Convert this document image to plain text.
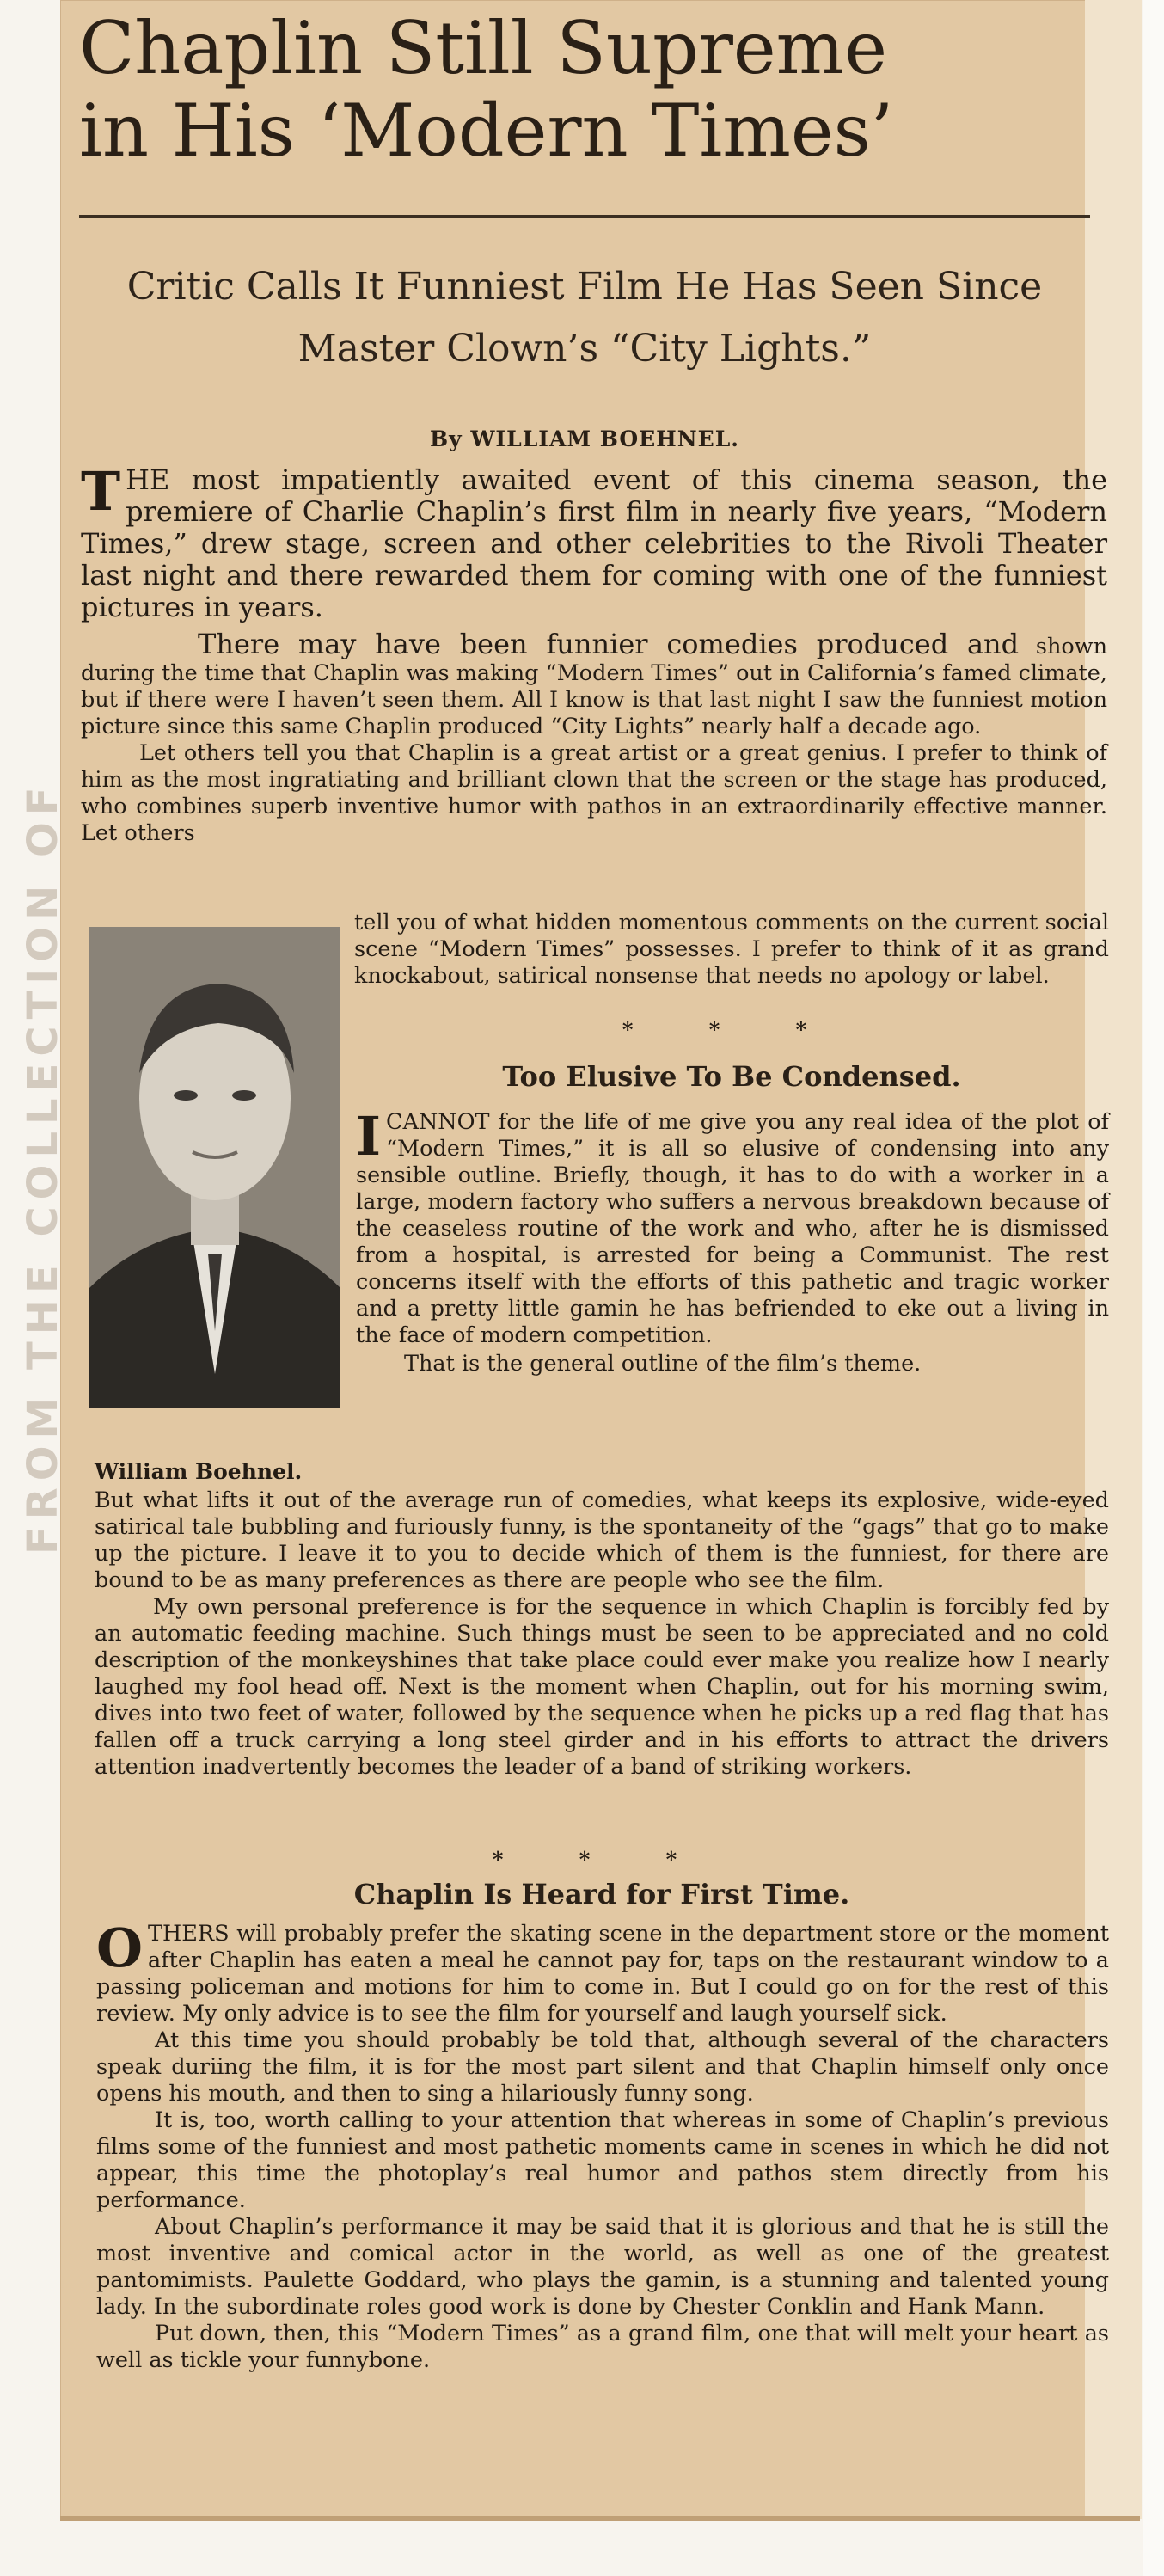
FROM THE COLLECTION OF
Chaplin Still Supreme
in His ‘Modern Times’
Critic Calls It Funniest Film He Has Seen Since
Master Clown’s “City Lights.”
By WILLIAM BOEHNEL.

THE most impatiently awaited event of this cinema season, the premiere of Charlie Chaplin’s first film in nearly five years, “Modern Times,” drew stage, screen and other celebrities to the Rivoli Theater last night and there rewarded them for coming with one of the funniest pictures in years.

There may have been funnier comedies produced and shown during the time that Chaplin was making “Modern Times” out in California’s famed climate, but if there were I haven’t seen them. All I know is that last night I saw the funniest motion picture since this same Chaplin produced “City Lights” nearly half a decade ago.

Let others tell you that Chaplin is a great artist or a great genius. I prefer to think of him as the most ingratiating and brilliant clown that the screen or the stage has produced, who combines superb inventive humor with pathos in an extraordinarily effective manner. Let others

tell you of what hidden momentous comments on the current social scene “Modern Times” possesses. I prefer to think of it as grand knockabout, satirical nonsense that needs no apology or label.
* * *
Too Elusive To Be Condensed.

ICANNOT for the life of me give you any real idea of the plot of “Modern Times,” it is all so elusive of condensing into any sensible outline. Briefly, though, it has to do with a worker in a large, modern factory who suffers a nervous breakdown because of the ceaseless routine of the work and who, after he is dismissed from a hospital, is arrested for being a Communist. The rest concerns itself with the efforts of this pathetic and tragic worker and a pretty little gamin he has befriended to eke out a living in the face of modern competition.

That is the general outline of the film’s theme.

William Boehnel.

But what lifts it out of the average run of comedies, what keeps its explosive, wide-eyed satirical tale bubbling and furiously funny, is the spontaneity of the “gags” that go to make up the picture. I leave it to you to decide which of them is the funniest, for there are bound to be as many preferences as there are people who see the film.

My own personal preference is for the sequence in which Chaplin is forcibly fed by an automatic feeding machine. Such things must be seen to be appreciated and no cold description of the monkeyshines that take place could ever make you realize how I nearly laughed my fool head off. Next is the moment when Chaplin, out for his morning swim, dives into two feet of water, followed by the sequence when he picks up a red flag that has fallen off a truck carrying a long steel girder and in his efforts to attract the drivers attention inadvertently becomes the leader of a band of striking workers.

* * *
Chaplin Is Heard for First Time.

OTHERS will probably prefer the skating scene in the department store or the moment after Chaplin has eaten a meal he cannot pay for, taps on the restaurant window to a passing policeman and motions for him to come in. But I could go on for the rest of this review. My only advice is to see the film for yourself and laugh yourself sick.

At this time you should probably be told that, although several of the characters speak duriing the film, it is for the most part silent and that Chaplin himself only once opens his mouth, and then to sing a hilariously funny song.

It is, too, worth calling to your attention that whereas in some of Chaplin’s previous films some of the funniest and most pathetic moments came in scenes in which he did not appear, this time the photoplay’s real humor and pathos stem directly from his performance.

About Chaplin’s performance it may be said that it is glorious and that he is still the most inventive and comical actor in the world, as well as one of the greatest pantomimists. Paulette Goddard, who plays the gamin, is a stunning and talented young lady. In the subordinate roles good work is done by Chester Conklin and Hank Mann.

Put down, then, this “Modern Times” as a grand film, one that will melt your heart as well as tickle your funnybone.
